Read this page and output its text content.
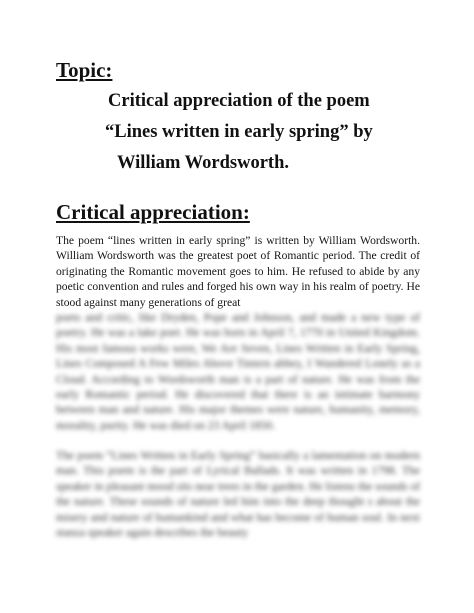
Topic:
Critical appreciation of the poem
“Lines written in early spring” by
William Wordsworth.
Critical appreciation:
The poem “lines written in early spring” is written by William Wordsworth. William Wordsworth was the greatest poet of Romantic period. The credit of originating the Romantic movement goes to him. He refused to abide by any poetic convention and rules and forged his own way in his realm of poetry. He stood against many generations of great
poets and critic, like Dryden, Pope and Johnson, and made a new type of poetry. He was a lake poet. He was born in April 7, 1770 in United Kingdom. His most famous works were, We Are Seven, Lines Written in Early Spring, Lines Composed A Few Miles Above Tintern abbey, I Wandered Lonely as a Cloud. According to Wordsworth man is a part of nature. He was from the early Romantic period. He discovered that there is an intimate harmony between man and nature. His major themes were nature, humanity, memory, morality, purity. He was died on 23 April 1850.
The poem “Lines Written in Early Spring” basically a lamentation on modern man. This poem is the part of Lyrical Ballads. It was written in 1798. The speaker in pleasant mood sits near trees in the garden. He listens the sounds of the nature. These sounds of nature led him into the deep thought s about the misery and nature of humankind and what has become of human soul. In next stanza speaker again describes the beauty
